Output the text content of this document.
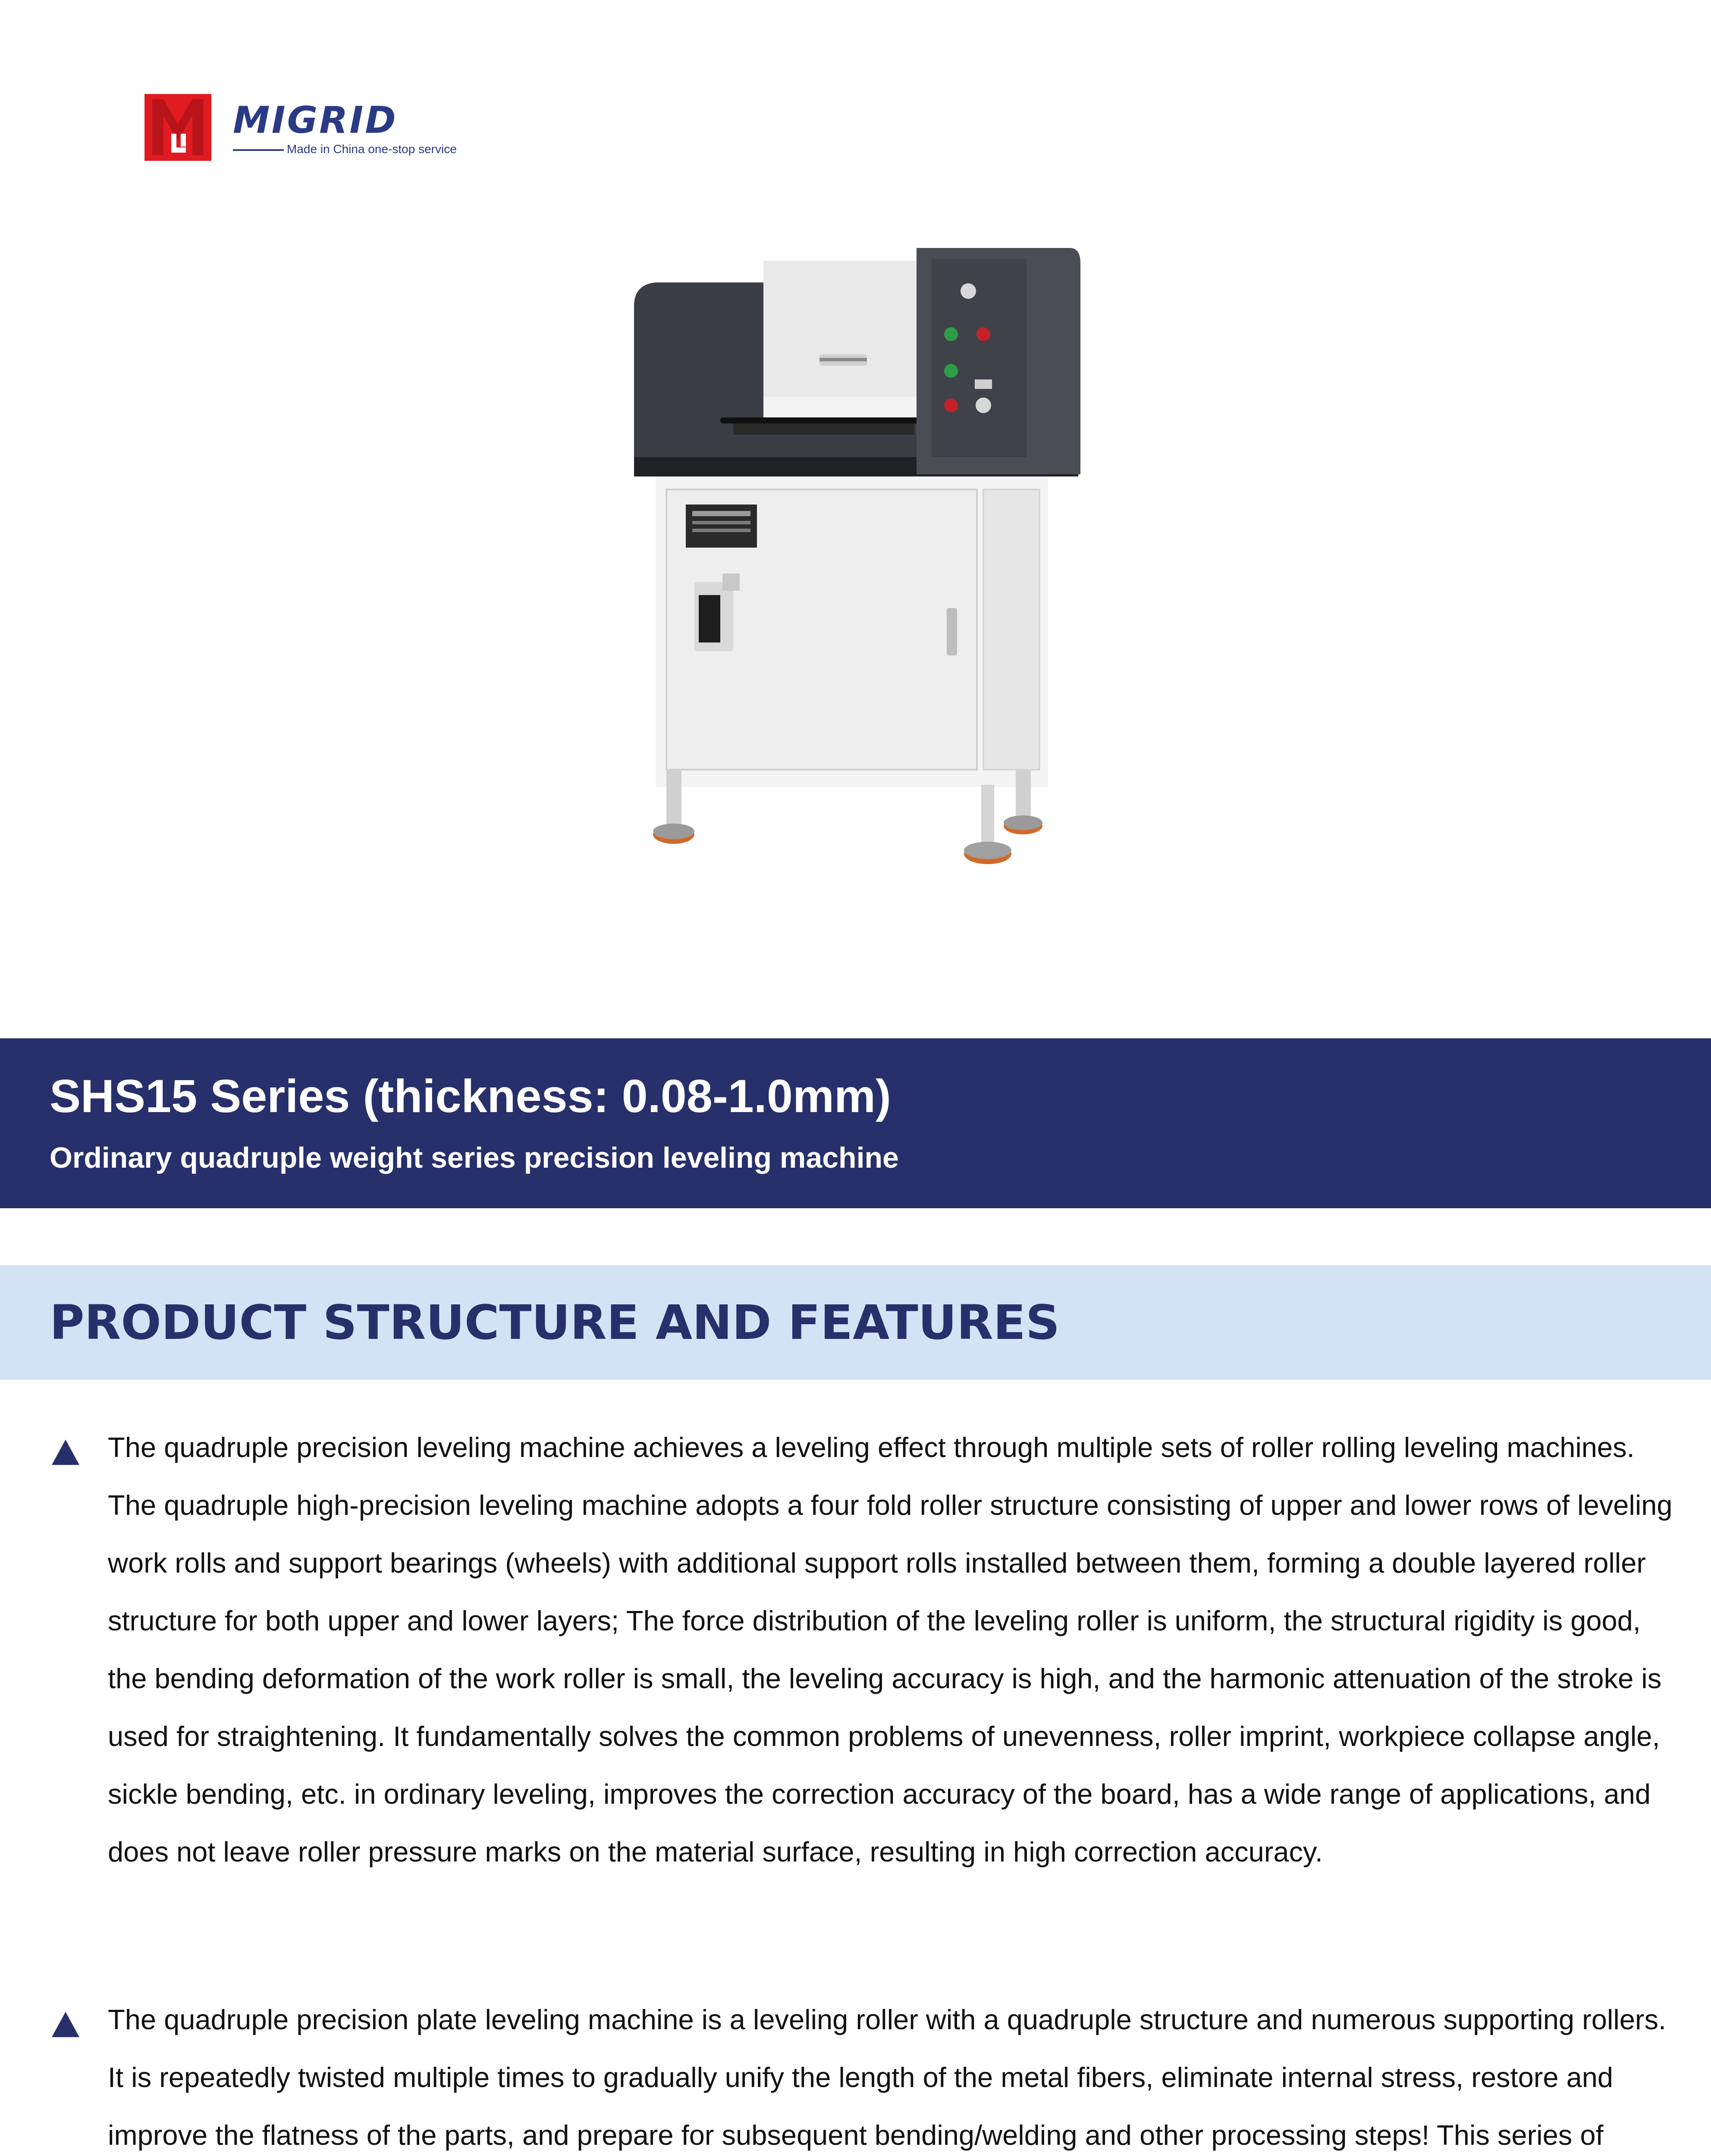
MIGRID
Made in China one-stop service
SHS15 Series (thickness: 0.08-1.0mm)
Ordinary quadruple weight series precision leveling machine
PRODUCT STRUCTURE AND FEATURES
The quadruple precision leveling machine achieves a leveling effect through multiple sets of roller rolling leveling machines. The quadruple high-precision leveling machine adopts a four fold roller structure consisting of upper and lower rows of leveling work rolls and support bearings (wheels) with additional support rolls installed between them, forming a double layered roller structure for both upper and lower layers; The force distribution of the leveling roller is uniform, the structural rigidity is good, the bending deformation of the work roller is small, the leveling accuracy is high, and the harmonic attenuation of the stroke is used for straightening. It fundamentally solves the common problems of unevenness, roller imprint, workpiece collapse angle, sickle bending, etc. in ordinary leveling, improves the correction accuracy of the board, has a wide range of applications, and does not leave roller pressure marks on the material surface, resulting in high correction accuracy.
The quadruple precision plate leveling machine is a leveling roller with a quadruple structure and numerous supporting rollers. It is repeatedly twisted multiple times to gradually unify the length of the metal fibers, eliminate internal stress, restore and improve the flatness of the parts, and prepare for subsequent bending/welding and other processing steps! This series of
